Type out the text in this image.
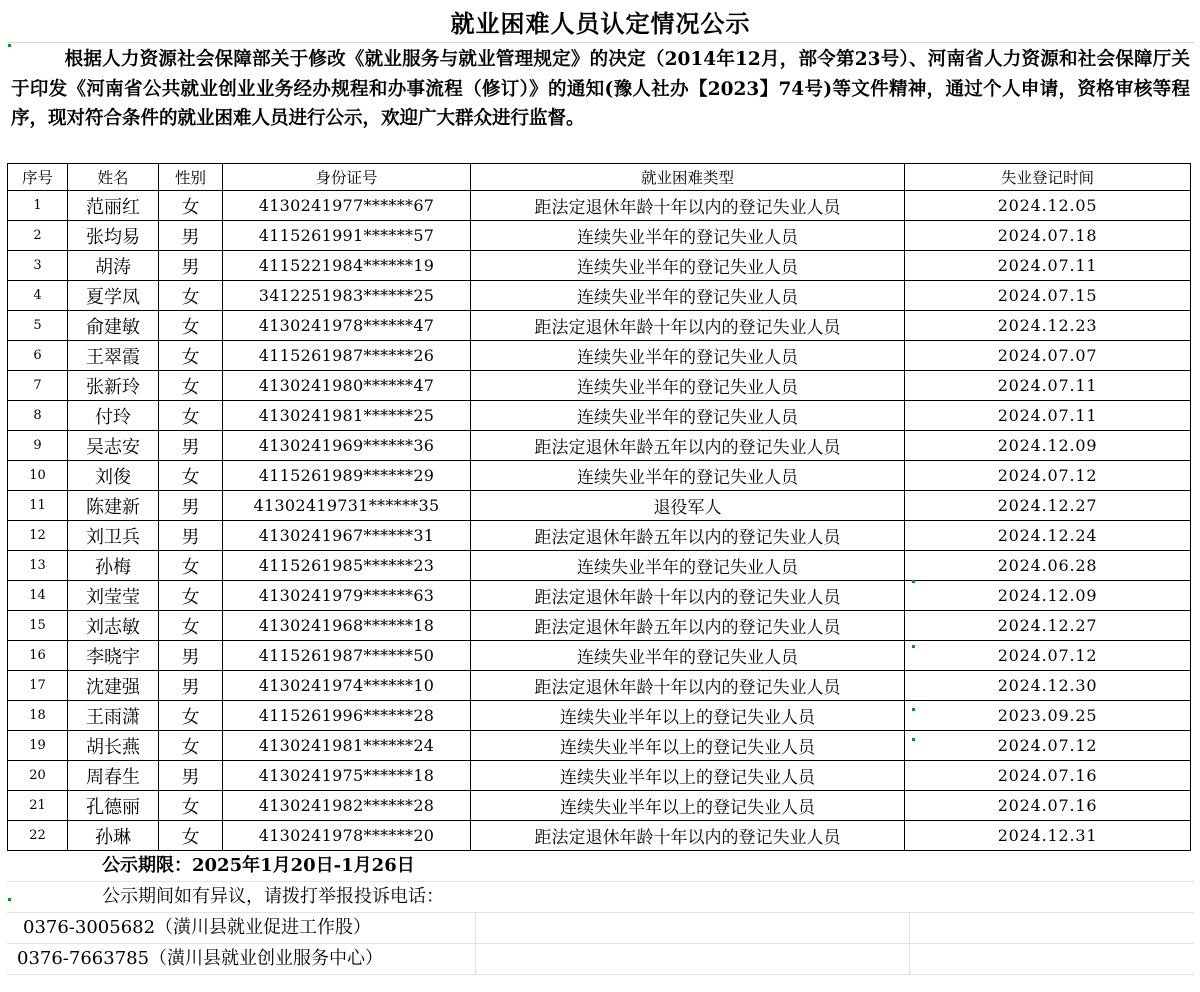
就业困难人员认定情况公示
根据人力资源社会保障部关于修改《就业服务与就业管理规定》的决定（2014年12月，部令第23号）、河南省人力资源和社会保障厅关于印发《河南省公共就业创业业务经办规程和办事流程（修订）》的通知(豫人社办【2023】74号)等文件精神，通过个人申请，资格审核等程序，现对符合条件的就业困难人员进行公示，欢迎广大群众进行监督。
序号	姓名	性别	身份证号	就业困难类型	失业登记时间
1	范丽红	女	4130241977******67	距法定退休年龄十年以内的登记失业人员	2024.12.05
2	张均易	男	4115261991******57	连续失业半年的登记失业人员	2024.07.18
3	胡涛	男	4115221984******19	连续失业半年的登记失业人员	2024.07.11
4	夏学凤	女	3412251983******25	连续失业半年的登记失业人员	2024.07.15
5	俞建敏	女	4130241978******47	距法定退休年龄十年以内的登记失业人员	2024.12.23
6	王翠霞	女	4115261987******26	连续失业半年的登记失业人员	2024.07.07
7	张新玲	女	4130241980******47	连续失业半年的登记失业人员	2024.07.11
8	付玲	女	4130241981******25	连续失业半年的登记失业人员	2024.07.11
9	吴志安	男	4130241969******36	距法定退休年龄五年以内的登记失业人员	2024.12.09
10	刘俊	女	4115261989******29	连续失业半年的登记失业人员	2024.07.12
11	陈建新	男	41302419731******35	退役军人	2024.12.27
12	刘卫兵	男	4130241967******31	距法定退休年龄五年以内的登记失业人员	2024.12.24
13	孙梅	女	4115261985******23	连续失业半年的登记失业人员	2024.06.28
14	刘莹莹	女	4130241979******63	距法定退休年龄十年以内的登记失业人员	2024.12.09
15	刘志敏	女	4130241968******18	距法定退休年龄五年以内的登记失业人员	2024.12.27
16	李晓宇	男	4115261987******50	连续失业半年的登记失业人员	2024.07.12
17	沈建强	男	4130241974******10	距法定退休年龄十年以内的登记失业人员	2024.12.30
18	王雨潇	女	4115261996******28	连续失业半年以上的登记失业人员	2023.09.25
19	胡长燕	女	4130241981******24	连续失业半年以上的登记失业人员	2024.07.12
20	周春生	男	4130241975******18	连续失业半年以上的登记失业人员	2024.07.16
21	孔德丽	女	4130241982******28	连续失业半年以上的登记失业人员	2024.07.16
22	孙琳	女	4130241978******20	距法定退休年龄十年以内的登记失业人员	2024.12.31
公示期限：2025年1月20日-1月26日
公示期间如有异议，请拨打举报投诉电话：
0376-3005682（潢川县就业促进工作股）
0376-7663785（潢川县就业创业服务中心）
